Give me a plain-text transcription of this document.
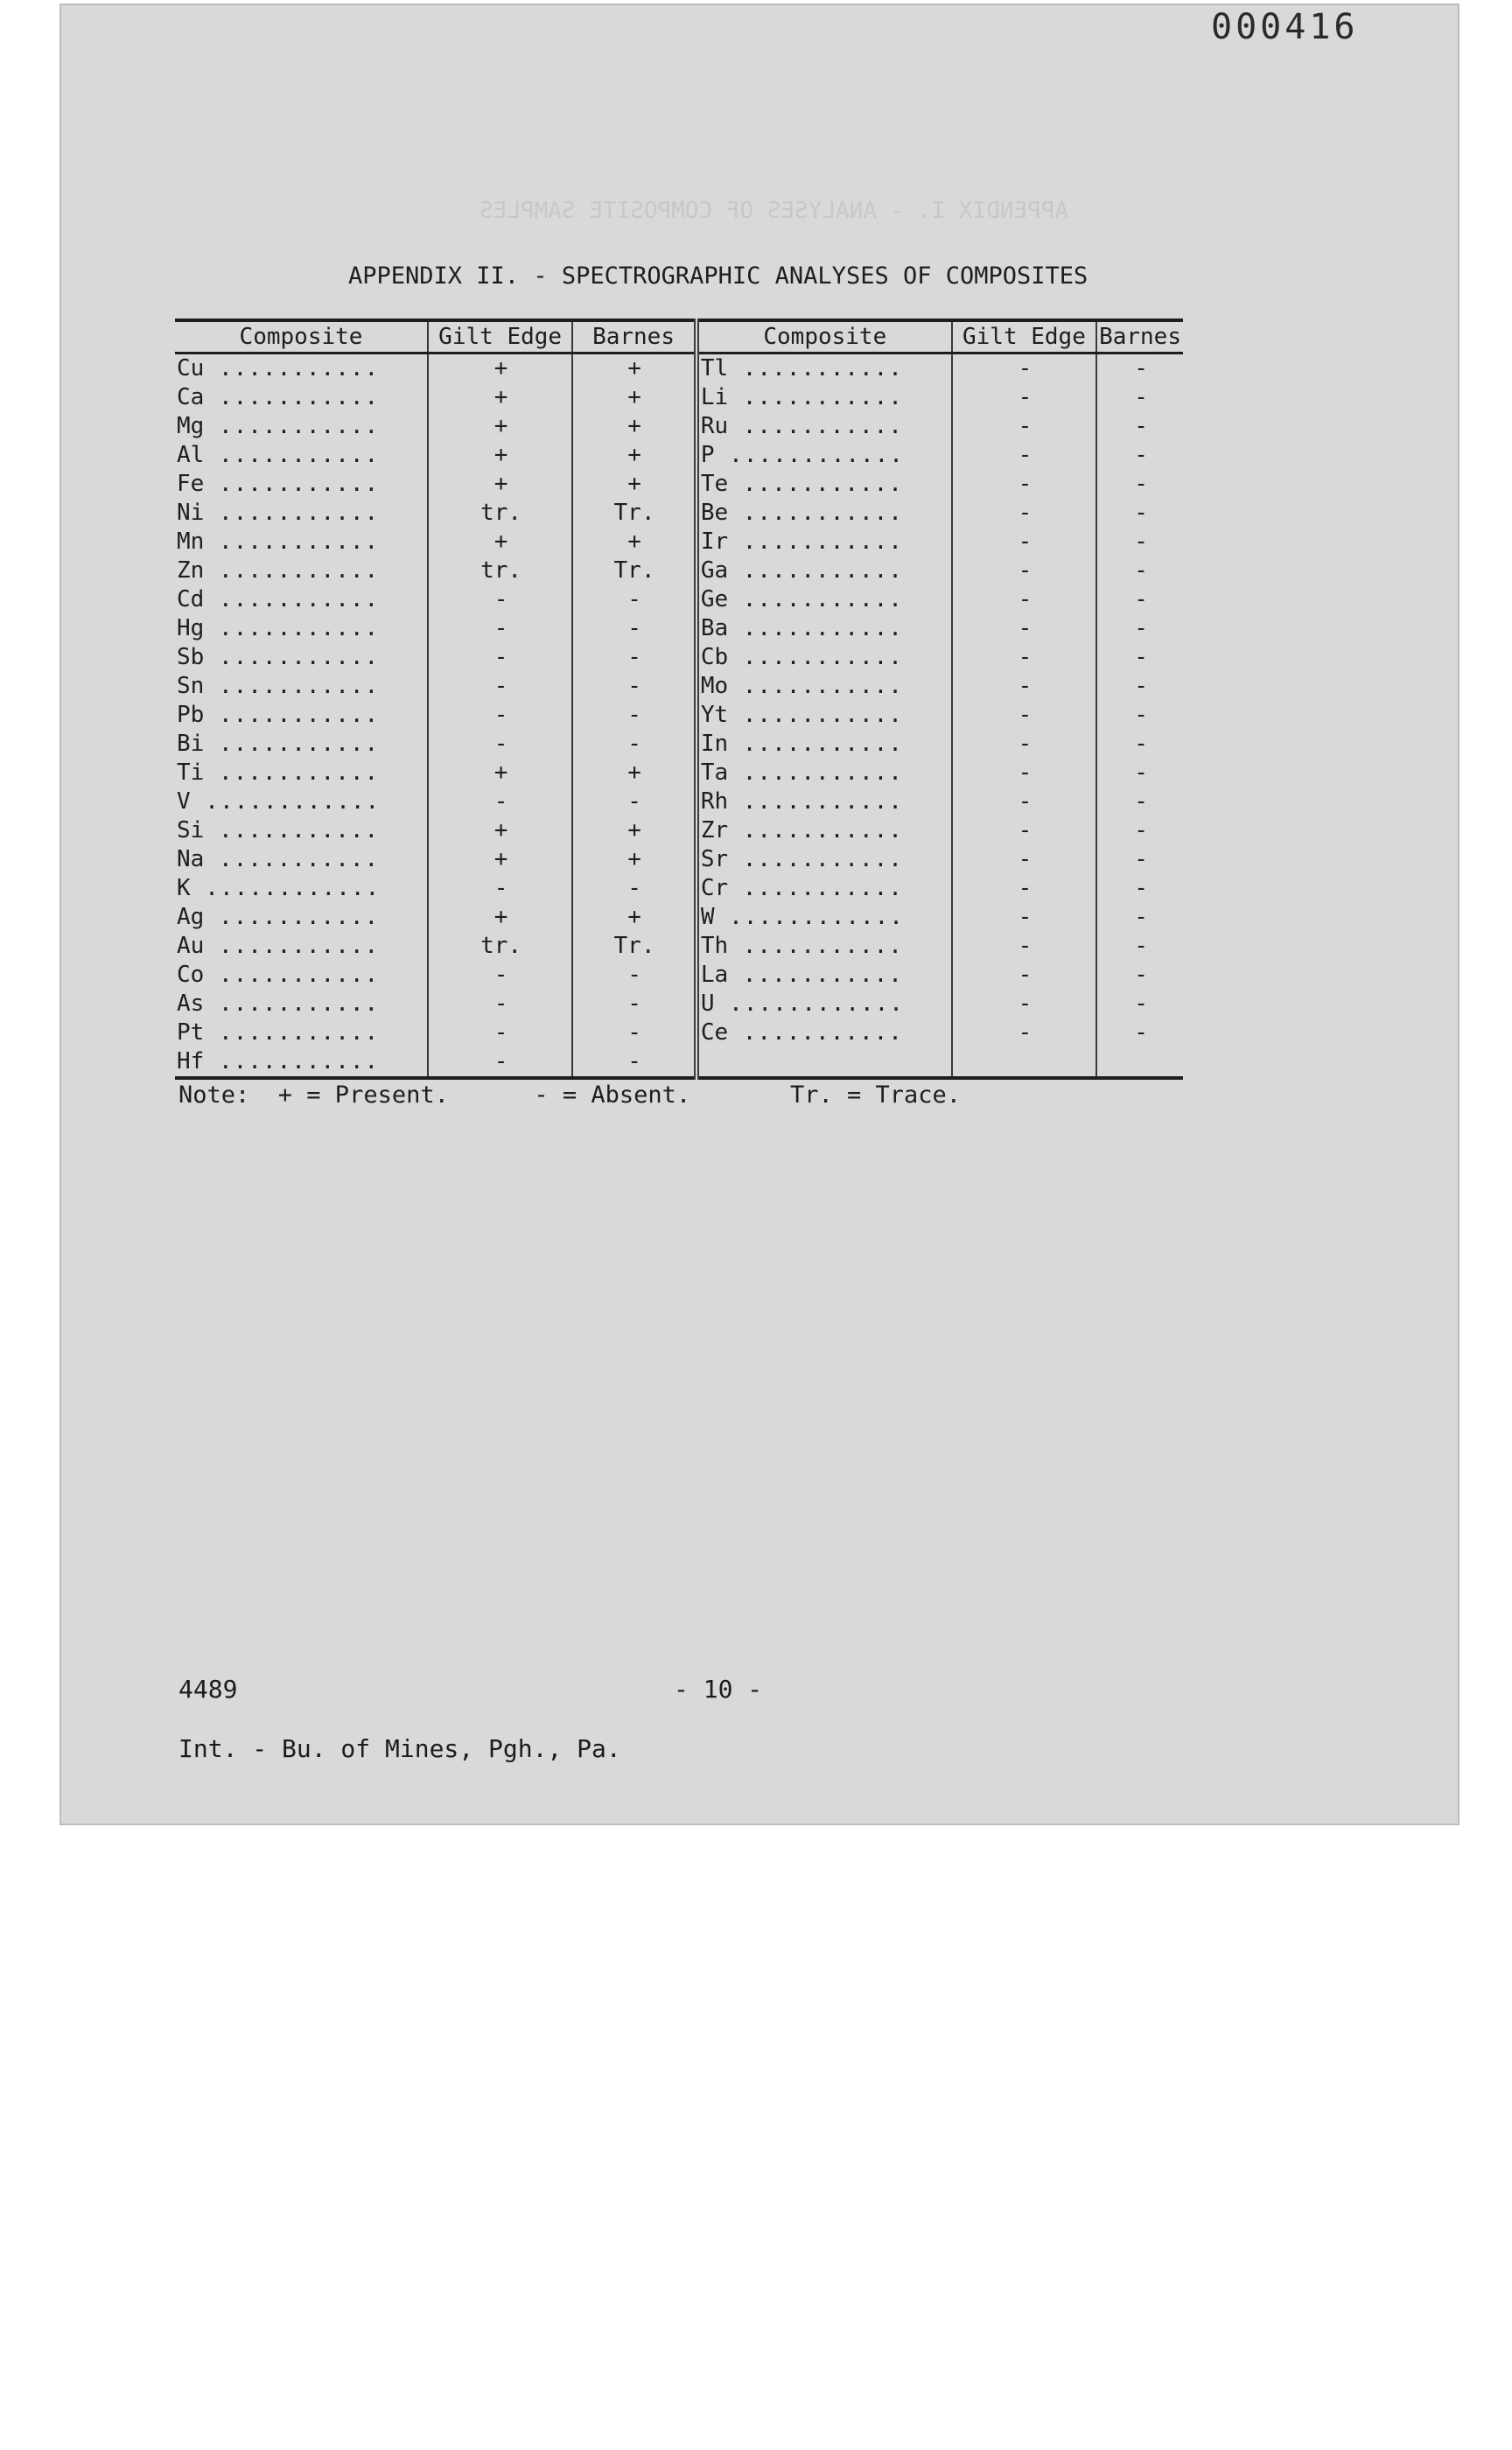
APPENDIX I. - ANALYSES OF COMPOSITE SAMPLES
000416
APPENDIX II. - SPECTROGRAPHIC ANALYSES OF COMPOSITES
Composite	Gilt Edge	Barnes	Composite	Gilt Edge	Barnes
Cu ...........	+	+	Tl ...........	-	-
Ca ...........	+	+	Li ...........	-	-
Mg ...........	+	+	Ru ...........	-	-
Al ...........	+	+	P ............	-	-
Fe ...........	+	+	Te ...........	-	-
Ni ...........	tr.	Tr.	Be ...........	-	-
Mn ...........	+	+	Ir ...........	-	-
Zn ...........	tr.	Tr.	Ga ...........	-	-
Cd ...........	-	-	Ge ...........	-	-
Hg ...........	-	-	Ba ...........	-	-
Sb ...........	-	-	Cb ...........	-	-
Sn ...........	-	-	Mo ...........	-	-
Pb ...........	-	-	Yt ...........	-	-
Bi ...........	-	-	In ...........	-	-
Ti ...........	+	+	Ta ...........	-	-
V ............	-	-	Rh ...........	-	-
Si ...........	+	+	Zr ...........	-	-
Na ...........	+	+	Sr ...........	-	-
K ............	-	-	Cr ...........	-	-
Ag ...........	+	+	W ............	-	-
Au ...........	tr.	Tr.	Th ...........	-	-
Co ...........	-	-	La ...........	-	-
As ...........	-	-	U ............	-	-
Pt ...........	-	-	Ce ...........	-	-
Hf ...........	-	-			
Note:  + = Present.      - = Absent.       Tr. = Trace.
4489	- 10 -
Int. - Bu. of Mines, Pgh., Pa.
